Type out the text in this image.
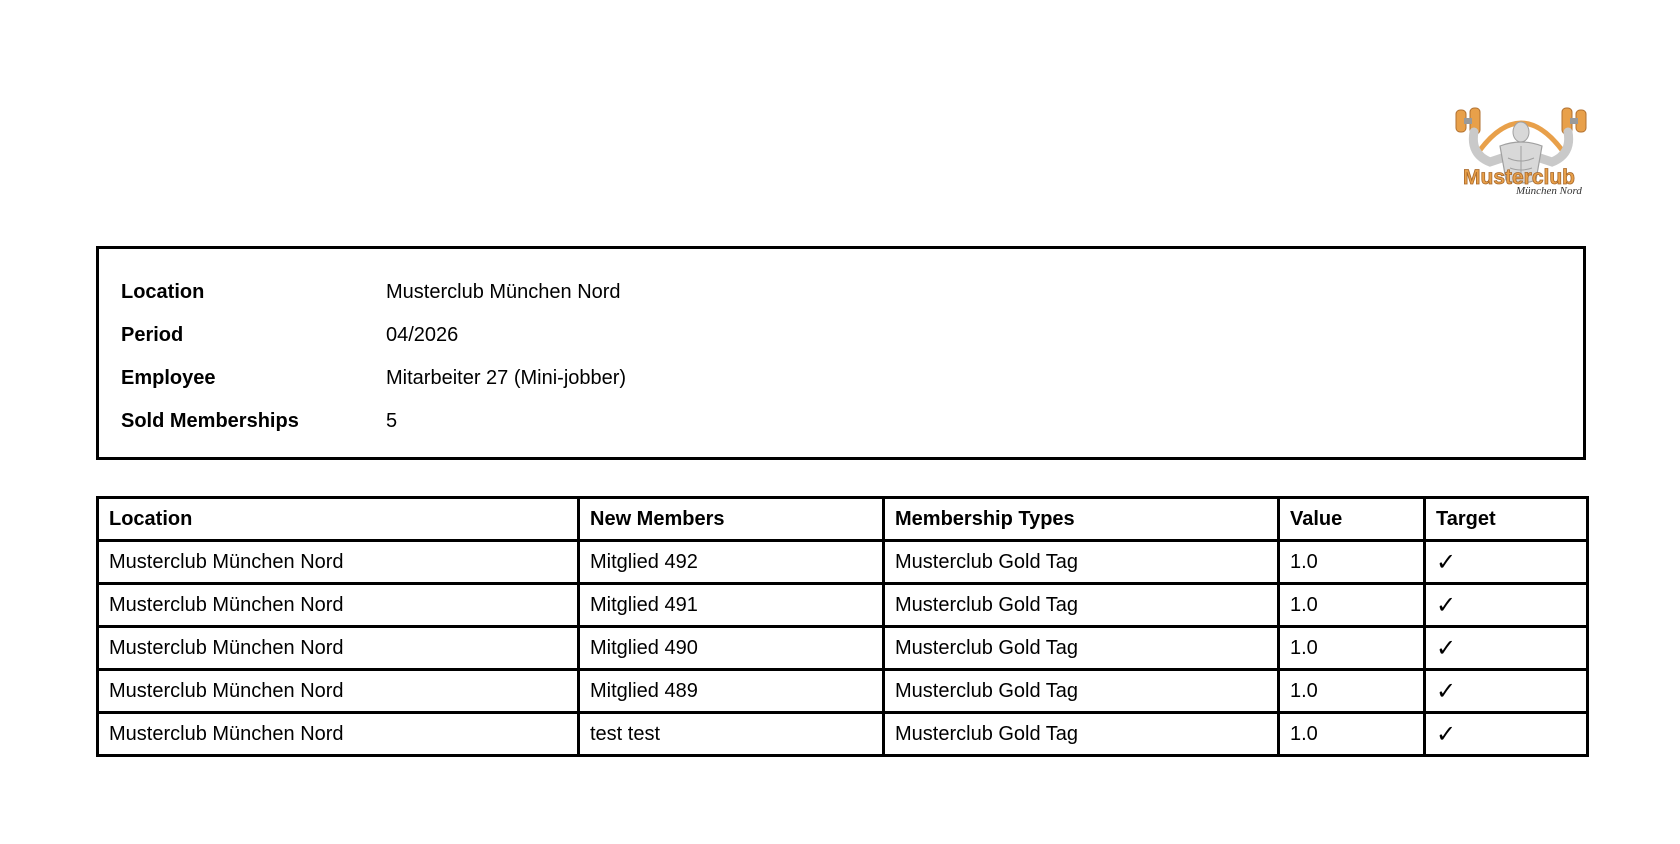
Musterclub
München Nord
Location	Musterclub München Nord
Period	04/2026
Employee	Mitarbeiter 27 (Mini-jobber)
Sold Memberships	5
Location	New Members	Membership Types	Value	Target
Musterclub München Nord	Mitglied 492	Musterclub Gold Tag	1.0	✓
Musterclub München Nord	Mitglied 491	Musterclub Gold Tag	1.0	✓
Musterclub München Nord	Mitglied 490	Musterclub Gold Tag	1.0	✓
Musterclub München Nord	Mitglied 489	Musterclub Gold Tag	1.0	✓
Musterclub München Nord	test test	Musterclub Gold Tag	1.0	✓
